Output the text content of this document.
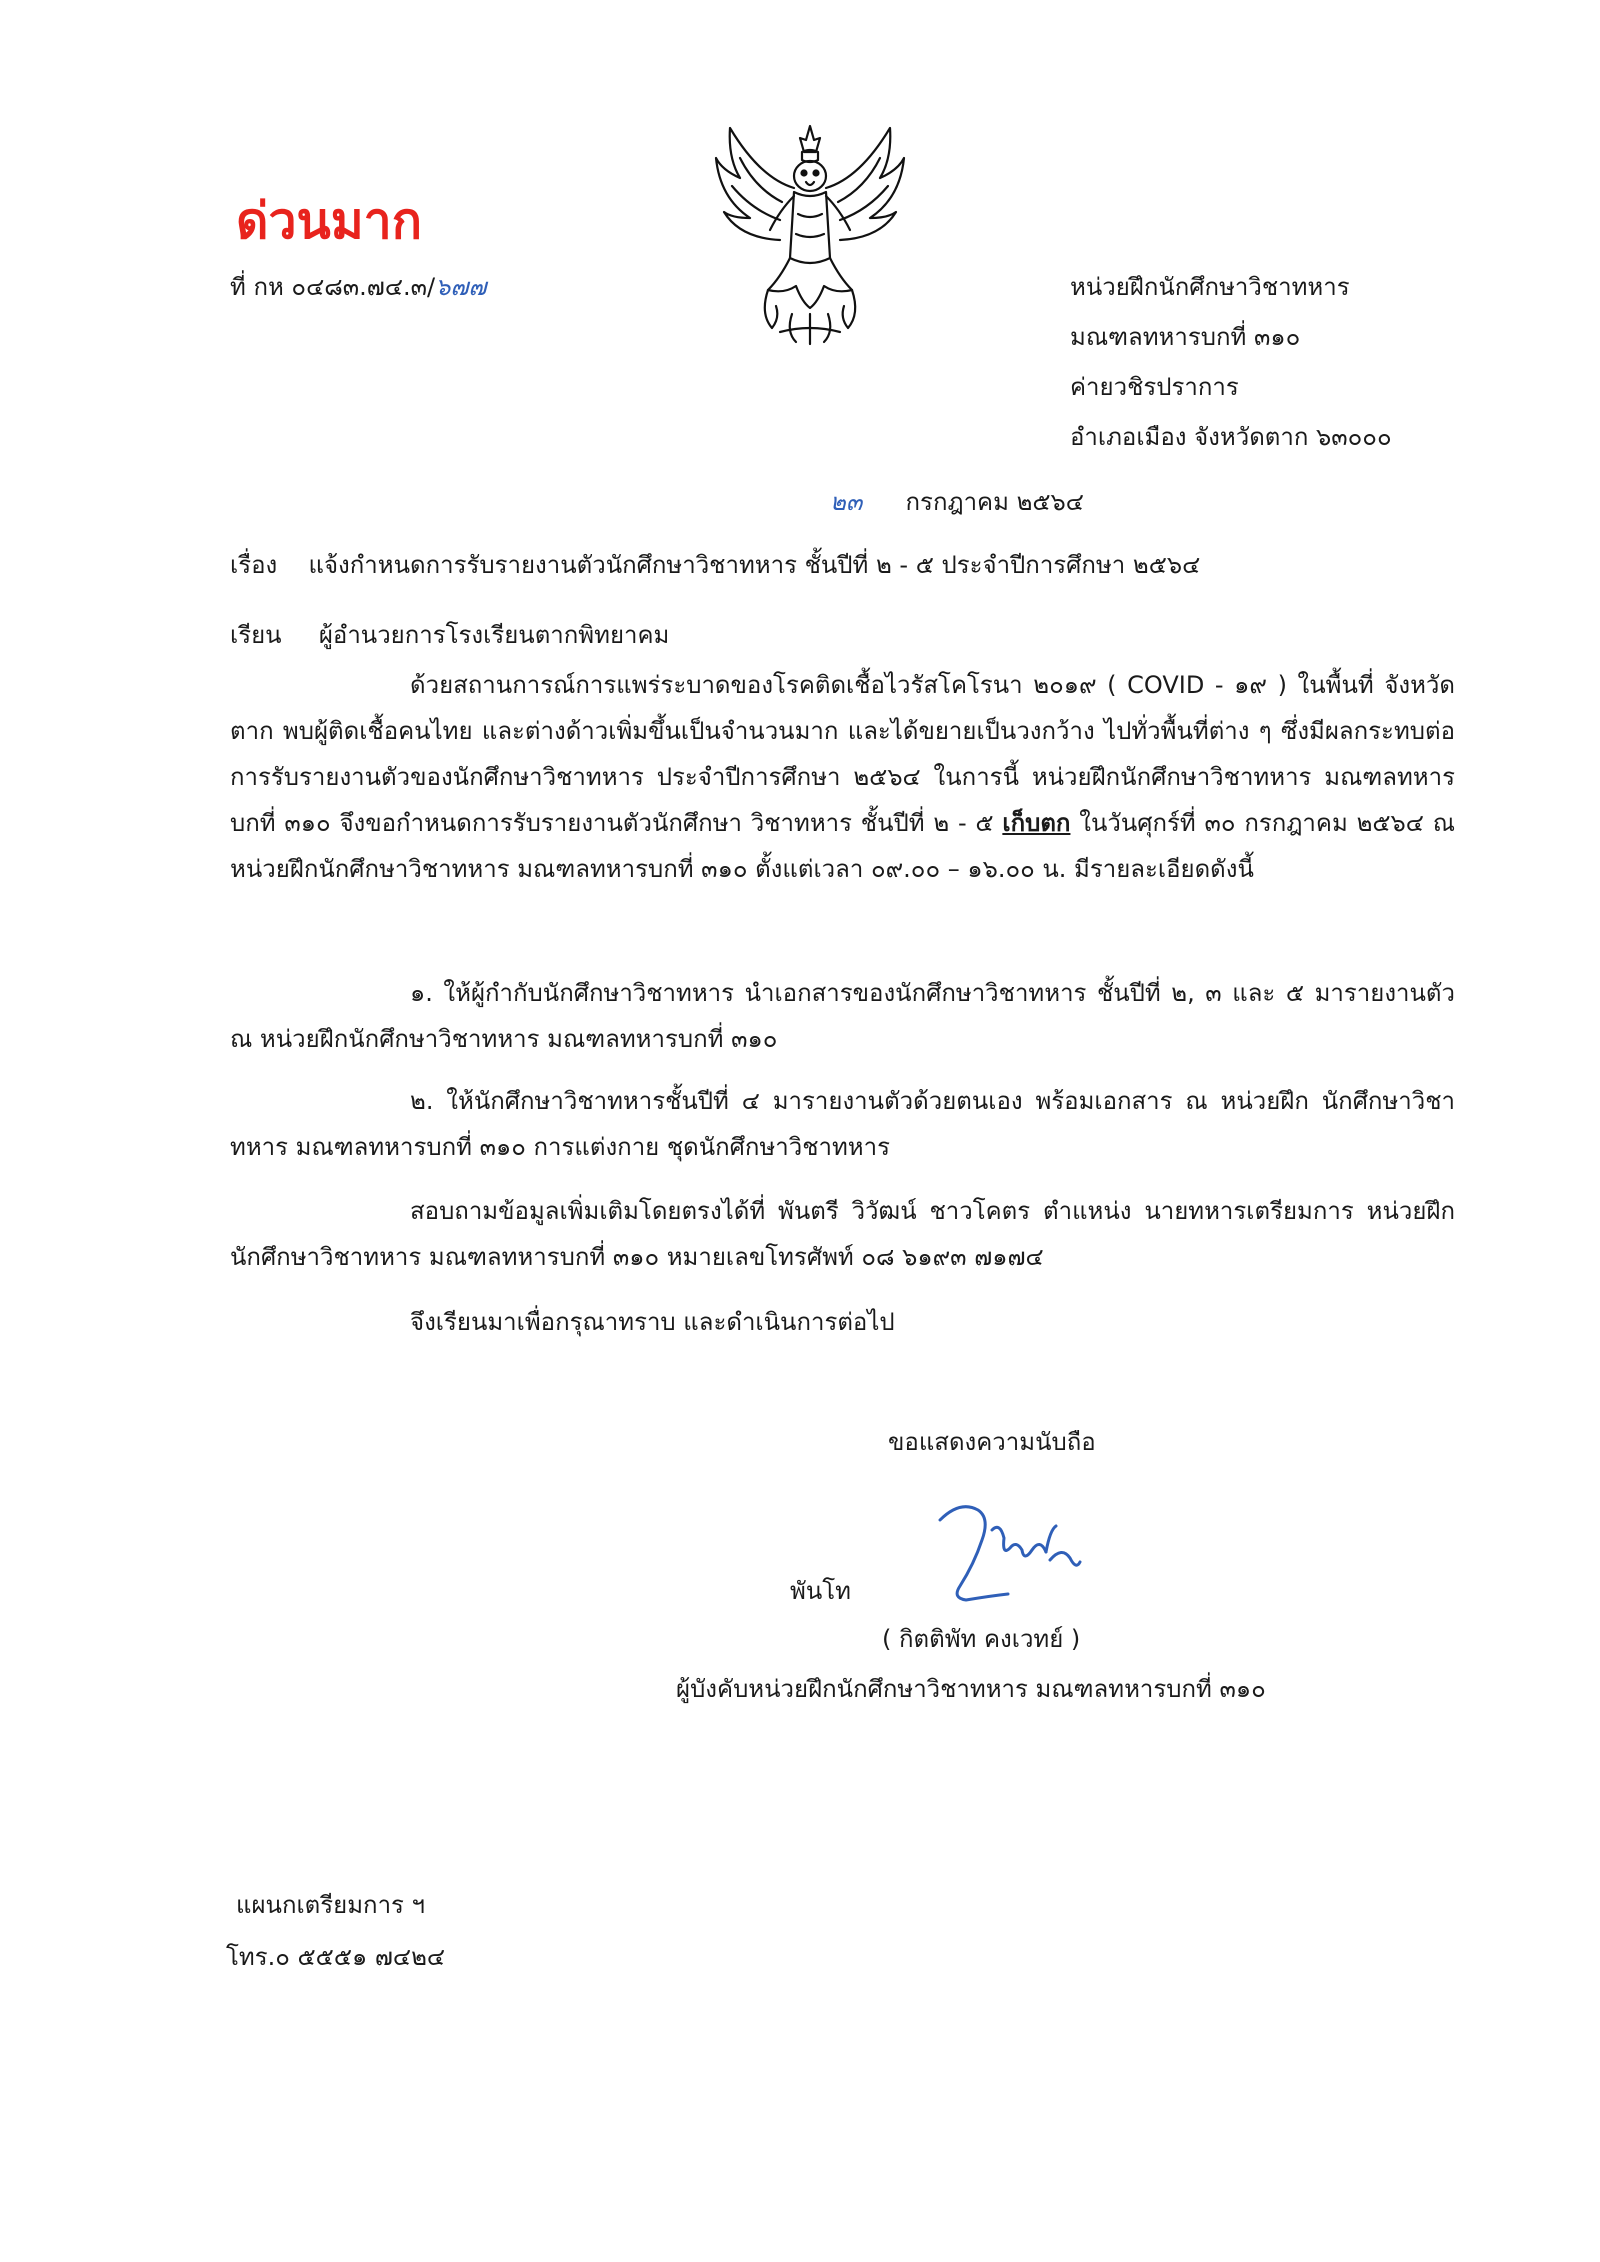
ด่วนมาก
ที่ กห ๐๔๘๓.๗๔.๓/๖๗๗	หน่วยฝึกนักศึกษาวิชาทหาร
มณฑลทหารบกที่ ๓๑๐
ค่ายวชิรปราการ
อำเภอเมือง จังหวัดตาก ๖๓๐๐๐
๒๓ กรกฎาคม ๒๕๖๔
เรื่อง แจ้งกำหนดการรับรายงานตัวนักศึกษาวิชาทหาร ชั้นปีที่ ๒ - ๕ ประจำปีการศึกษา ๒๕๖๔
เรียน ผู้อำนวยการโรงเรียนตากพิทยาคม
ด้วยสถานการณ์การแพร่ระบาดของโรคติดเชื้อไวรัสโคโรนา ๒๐๑๙ ( COVID - ๑๙ ) ในพื้นที่ จังหวัดตาก พบผู้ติดเชื้อคนไทย และต่างด้าวเพิ่มขึ้นเป็นจำนวนมาก และได้ขยายเป็นวงกว้าง ไปทั่วพื้นที่ต่าง ๆ ซึ่งมีผลกระทบต่อการรับรายงานตัวของนักศึกษาวิชาทหาร ประจำปีการศึกษา ๒๕๖๔ ในการนี้ หน่วยฝึกนักศึกษาวิชาทหาร มณฑลทหารบกที่ ๓๑๐ จึงขอกำหนดการรับรายงานตัวนักศึกษา วิชาทหาร ชั้นปีที่ ๒ - ๕ เก็บตก ในวันศุกร์ที่ ๓๐ กรกฎาคม ๒๕๖๔ ณ หน่วยฝึกนักศึกษาวิชาทหาร มณฑลทหารบกที่ ๓๑๐ ตั้งแต่เวลา ๐๙.๐๐ – ๑๖.๐๐ น. มีรายละเอียดดังนี้
๑. ให้ผู้กำกับนักศึกษาวิชาทหาร นำเอกสารของนักศึกษาวิชาทหาร ชั้นปีที่ ๒, ๓ และ ๕ มารายงานตัว ณ หน่วยฝึกนักศึกษาวิชาทหาร มณฑลทหารบกที่ ๓๑๐
๒. ให้นักศึกษาวิชาทหารชั้นปีที่ ๔ มารายงานตัวด้วยตนเอง พร้อมเอกสาร ณ หน่วยฝึก นักศึกษาวิชาทหาร มณฑลทหารบกที่ ๓๑๐ การแต่งกาย ชุดนักศึกษาวิชาทหาร
สอบถามข้อมูลเพิ่มเติมโดยตรงได้ที่ พันตรี วิวัฒน์ ชาวโคตร ตำแหน่ง นายทหารเตรียมการ หน่วยฝึกนักศึกษาวิชาทหาร มณฑลทหารบกที่ ๓๑๐ หมายเลขโทรศัพท์ ๐๘ ๖๑๙๓ ๗๑๗๔
จึงเรียนมาเพื่อกรุณาทราบ และดำเนินการต่อไป
ขอแสดงความนับถือ
พันโท
( กิตติพัท คงเวทย์ )
ผู้บังคับหน่วยฝึกนักศึกษาวิชาทหาร มณฑลทหารบกที่ ๓๑๐
แผนกเตรียมการ ฯ
โทร.๐ ๕๕๕๑ ๗๔๒๔
